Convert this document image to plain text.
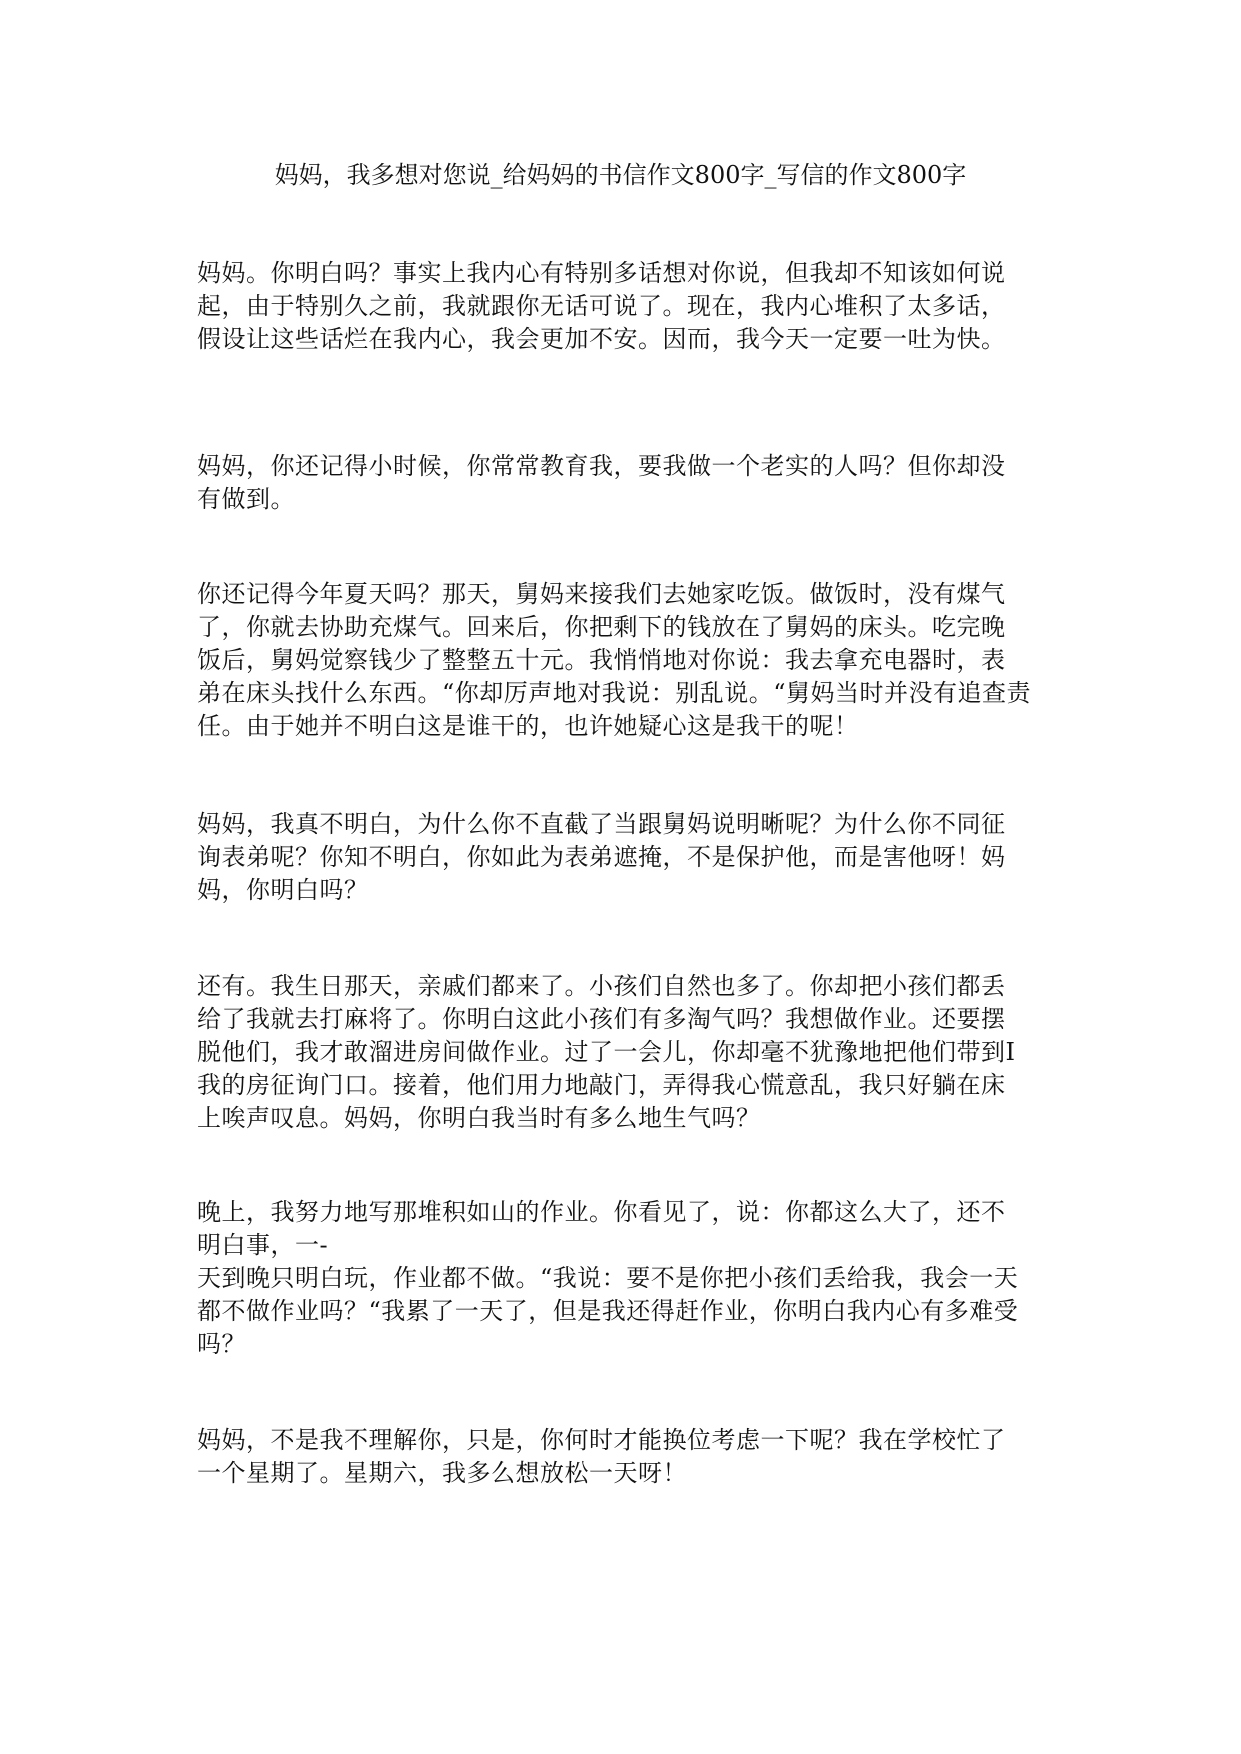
妈妈，我多想对您说_给妈妈的书信作文800字_写信的作文800字

妈妈。你明白吗？事实上我内心有特别多话想对你说，但我却不知该如何说
起，由于特别久之前，我就跟你无话可说了。现在，我内心堆积了太多话，
假设让这些话烂在我内心，我会更加不安。因而，我今天一定要一吐为快。

妈妈，你还记得小时候，你常常教育我，要我做一个老实的人吗？但你却没
有做到。

你还记得今年夏天吗？那天，舅妈来接我们去她家吃饭。做饭时，没有煤气
了，你就去协助充煤气。回来后，你把剩下的钱放在了舅妈的床头。吃完晚
饭后，舅妈觉察钱少了整整五十元。我悄悄地对你说：我去拿充电器时，表
弟在床头找什么东西。“你却厉声地对我说：别乱说。“舅妈当时并没有追查责
任。由于她并不明白这是谁干的，也许她疑心这是我干的呢！

妈妈，我真不明白，为什么你不直截了当跟舅妈说明晰呢？为什么你不同征
询表弟呢？你知不明白，你如此为表弟遮掩，不是保护他，而是害他呀！妈
妈，你明白吗？

还有。我生日那天，亲戚们都来了。小孩们自然也多了。你却把小孩们都丢
给了我就去打麻将了。你明白这此小孩们有多淘气吗？我想做作业。还要摆
脱他们，我才敢溜进房间做作业。过了一会儿，你却毫不犹豫地把他们带到I
我的房征询门口。接着，他们用力地敲门，弄得我心慌意乱，我只好躺在床
上唉声叹息。妈妈，你明白我当时有多么地生气吗？

晚上，我努力地写那堆积如山的作业。你看见了，说：你都这么大了，还不
明白事，一-
天到晚只明白玩，作业都不做。“我说：要不是你把小孩们丢给我，我会一天
都不做作业吗？“我累了一天了，但是我还得赶作业，你明白我内心有多难受
吗？

妈妈，不是我不理解你，只是，你何时才能换位考虑一下呢？我在学校忙了
一个星期了。星期六，我多么想放松一天呀！
